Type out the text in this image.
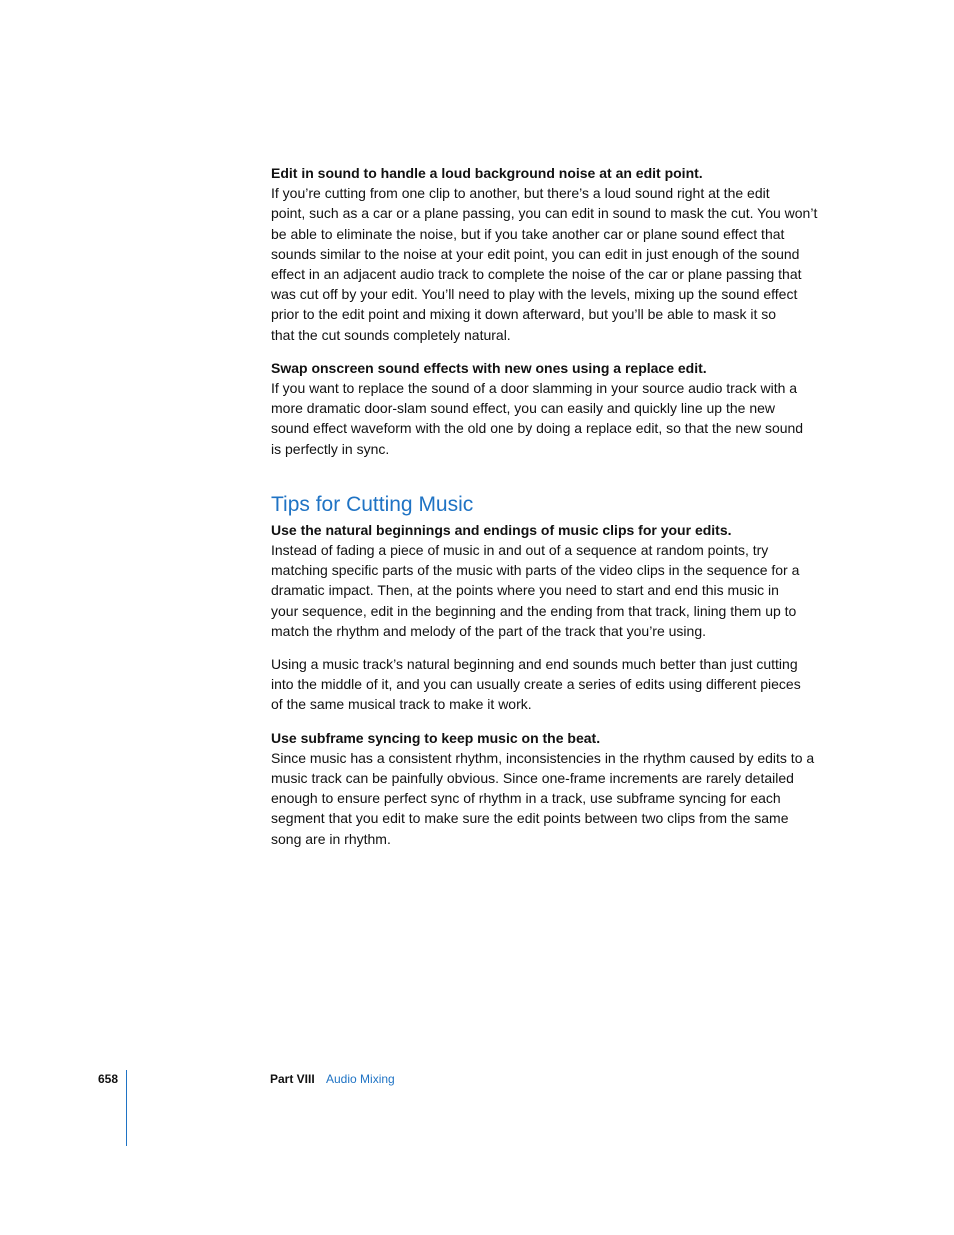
Edit in sound to handle a loud background noise at an edit point.

If you’re cutting from one clip to another, but there’s a loud sound right at the edit
point, such as a car or a plane passing, you can edit in sound to mask the cut. You won’t
be able to eliminate the noise, but if you take another car or plane sound effect that
sounds similar to the noise at your edit point, you can edit in just enough of the sound
effect in an adjacent audio track to complete the noise of the car or plane passing that
was cut off by your edit. You’ll need to play with the levels, mixing up the sound effect
prior to the edit point and mixing it down afterward, but you’ll be able to mask it so
that the cut sounds completely natural.

Swap onscreen sound effects with new ones using a replace edit.

If you want to replace the sound of a door slamming in your source audio track with a
more dramatic door-slam sound effect, you can easily and quickly line up the new
sound effect waveform with the old one by doing a replace edit, so that the new sound
is perfectly in sync.

Tips for Cutting Music

Use the natural beginnings and endings of music clips for your edits.

Instead of fading a piece of music in and out of a sequence at random points, try
matching specific parts of the music with parts of the video clips in the sequence for a
dramatic impact. Then, at the points where you need to start and end this music in
your sequence, edit in the beginning and the ending from that track, lining them up to
match the rhythm and melody of the part of the track that you’re using.

Using a music track’s natural beginning and end sounds much better than just cutting
into the middle of it, and you can usually create a series of edits using different pieces
of the same musical track to make it work.

Use subframe syncing to keep music on the beat.

Since music has a consistent rhythm, inconsistencies in the rhythm caused by edits to a
music track can be painfully obvious. Since one-frame increments are rarely detailed
enough to ensure perfect sync of rhythm in a track, use subframe syncing for each
segment that you edit to make sure the edit points between two clips from the same
song are in rhythm.

658	Part VIII Audio Mixing
